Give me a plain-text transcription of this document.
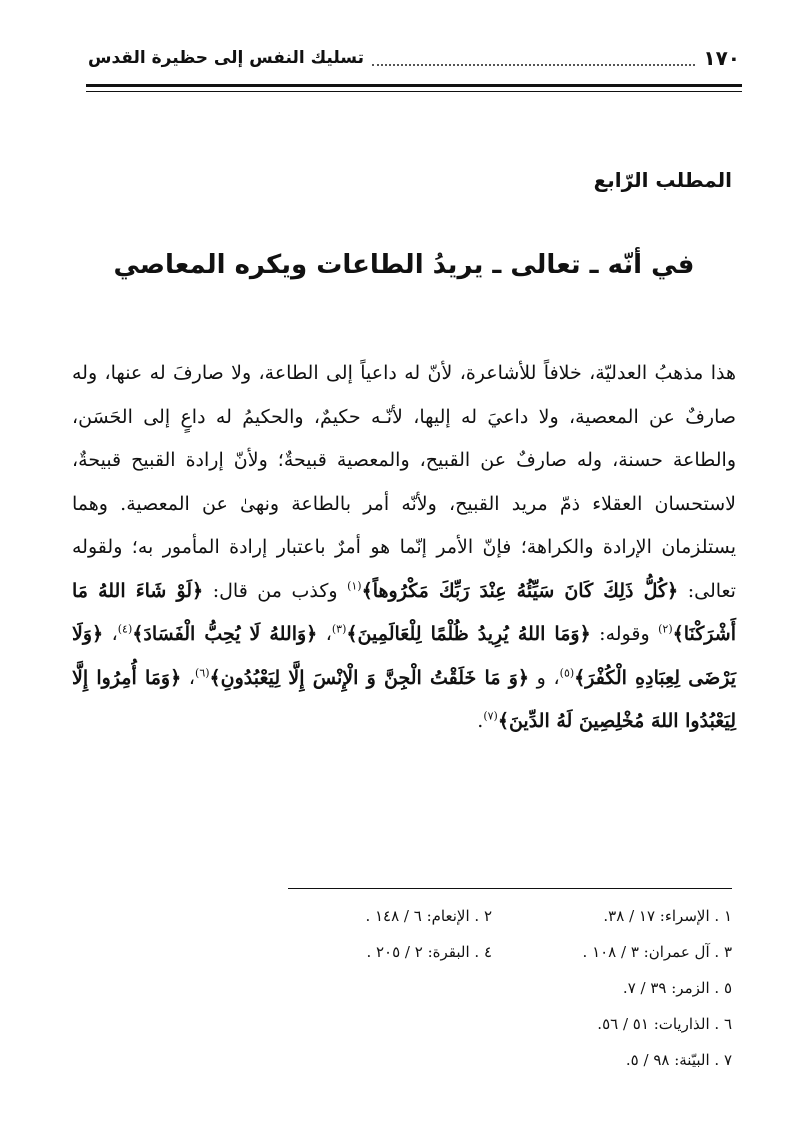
١٧٠
تسليك النفس إلى حظيرة القدس
المطلب الرّابع
في أنّه ـ تعالى ـ يريدُ الطاعات ويكره المعاصي
هذا مذهبُ العدليّة، خلافاً للأشاعرة، لأنّ له داعياً إلى الطاعة، ولا صارفَ له عنها، وله صارفٌ عن المعصية، ولا داعيَ له إليها، لأنّـه حكيمٌ، والحكيمُ له داعٍ إلى الحَسَن، والطاعة حسنة، وله صارفٌ عن القبيح، والمعصية قبيحةٌ؛ ولأنّ إرادة القبيح قبيحةٌ، لاستحسان العقلاء ذمّ مريد القبيح، ولأنّه أمر بالطاعة ونهىٰ عن المعصية. وهما يستلزمان الإرادة والكراهة؛ فإنّ الأمر إنّما هو أمرٌ باعتبار إرادة المأمور به؛ ولقوله تعالى: ﴿كُلُّ ذَلِكَ كَانَ سَيِّئُهُ عِنْدَ رَبِّكَ مَكْرُوهاً﴾$^{(١)}$ وكذب من قال: ﴿لَوْ شَاءَ اللهُ مَا أَشْرَكْنَا﴾$^{(٢)}$ وقوله: ﴿وَمَا اللهُ يُرِيدُ ظُلْمًا لِلْعَالَمِينَ﴾$^{(٣)}$، ﴿وَاللهُ لَا يُحِبُّ الْفَسَادَ﴾$^{(٤)}$، ﴿وَلَا يَرْضَى لِعِبَادِهِ الْكُفْرَ﴾$^{(٥)}$، و ﴿وَ مَا خَلَقْتُ الْجِنَّ وَ الْإِنْسَ إِلَّا لِيَعْبُدُونِ﴾$^{(٦)}$، ﴿وَمَا أُمِرُوا إِلَّا لِيَعْبُدُوا اللهَ مُخْلِصِينَ لَهُ الدِّينَ﴾$^{(٧)}$.
١ . الإسراء: ١٧ / ٣٨.
٢ . الإنعام: ٦ / ١٤٨ .
٣ . آل عمران: ٣ / ١٠٨ .
٤ . البقرة: ٢ / ٢٠٥ .
٥ . الزمر: ٣٩ / ٧.
٦ . الذاريات: ٥١ / ٥٦.
٧ . البيّنة: ٩٨ / ٥.
